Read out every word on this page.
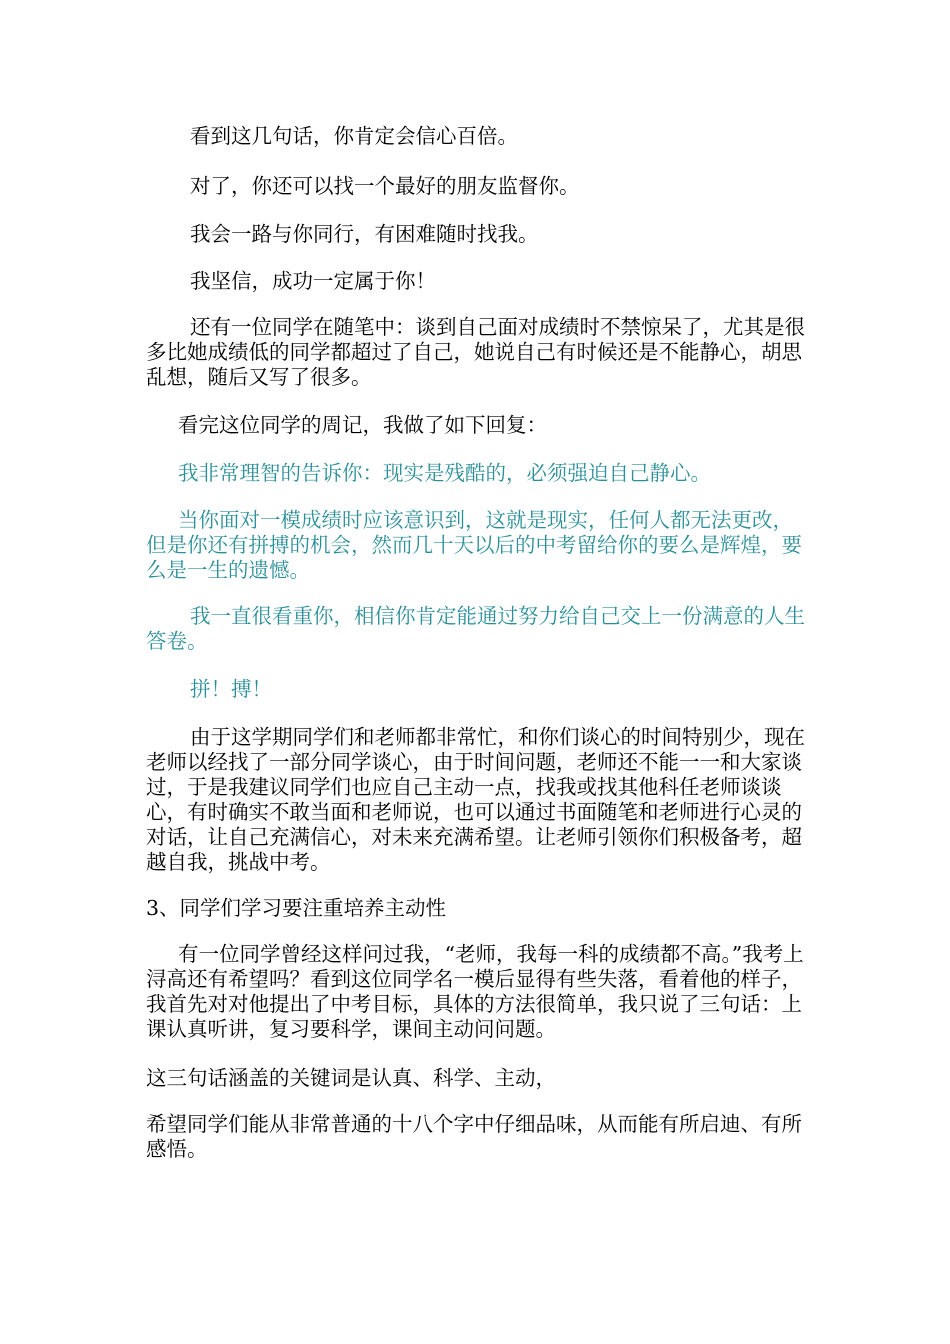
看到这几句话，你肯定会信心百倍。

对了，你还可以找一个最好的朋友监督你。

我会一路与你同行，有困难随时找我。

我坚信，成功一定属于你！

还有一位同学在随笔中：谈到自己面对成绩时不禁惊呆了，尤其是很多比她成绩低的同学都超过了自己，她说自己有时候还是不能静心，胡思乱想，随后又写了很多。

看完这位同学的周记，我做了如下回复：

我非常理智的告诉你：现实是残酷的，必须强迫自己静心。

当你面对一模成绩时应该意识到，这就是现实，任何人都无法更改，但是你还有拼搏的机会，然而几十天以后的中考留给你的要么是辉煌，要么是一生的遗憾。

我一直很看重你，相信你肯定能通过努力给自己交上一份满意的人生答卷。

拼！搏！

由于这学期同学们和老师都非常忙，和你们谈心的时间特别少，现在老师以经找了一部分同学谈心，由于时间问题，老师还不能一一和大家谈过，于是我建议同学们也应自己主动一点，找我或找其他科任老师谈谈心，有时确实不敢当面和老师说，也可以通过书面随笔和老师进行心灵的对话，让自己充满信心，对未来充满希望。让老师引领你们积极备考，超越自我，挑战中考。

3、同学们学习要注重培养主动性

有一位同学曾经这样问过我，“老师，我每一科的成绩都不高。”我考上浔高还有希望吗？看到这位同学名一模后显得有些失落，看着他的样子，我首先对对他提出了中考目标，具体的方法很简单，我只说了三句话：上课认真听讲，复习要科学，课间主动问问题。

这三句话涵盖的关键词是认真、科学、主动，

希望同学们能从非常普通的十八个字中仔细品味，从而能有所启迪、有所感悟。
